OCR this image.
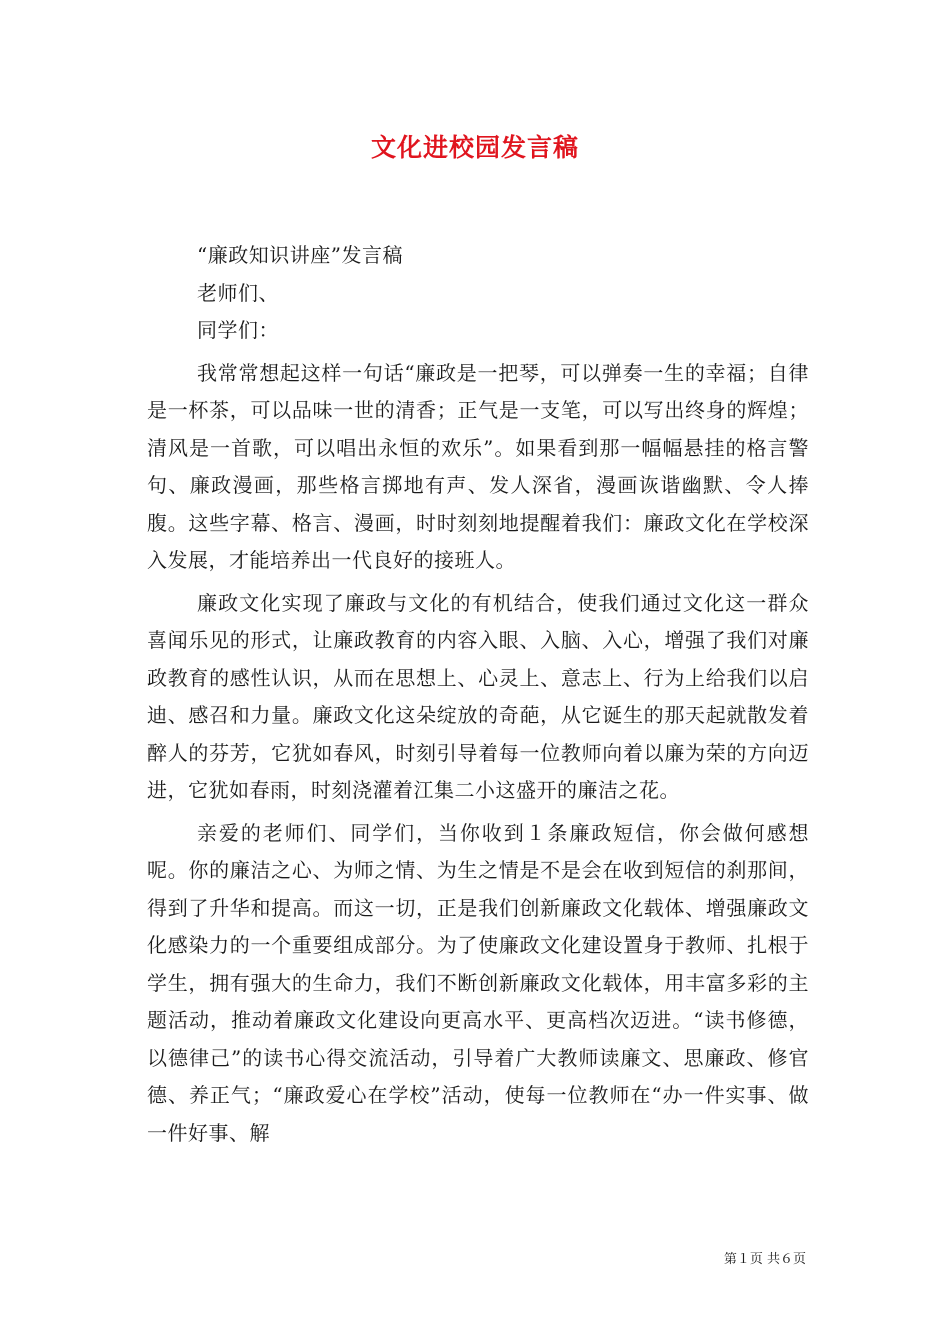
文化进校园发言稿

“廉政知识讲座”发言稿

老师们、

同学们：

我常常想起这样一句话“廉政是一把琴，可以弹奏一生的幸福；自律是一杯茶，可以品味一世的清香；正气是一支笔，可以写出终身的辉煌；清风是一首歌，可以唱出永恒的欢乐”。如果看到那一幅幅悬挂的格言警句、廉政漫画，那些格言掷地有声、发人深省，漫画诙谐幽默、令人捧腹。这些字幕、格言、漫画，时时刻刻地提醒着我们：廉政文化在学校深入发展，才能培养出一代良好的接班人。

廉政文化实现了廉政与文化的有机结合，使我们通过文化这一群众喜闻乐见的形式，让廉政教育的内容入眼、入脑、入心，增强了我们对廉政教育的感性认识，从而在思想上、心灵上、意志上、行为上给我们以启迪、感召和力量。廉政文化这朵绽放的奇葩，从它诞生的那天起就散发着醉人的芬芳，它犹如春风，时刻引导着每一位教师向着以廉为荣的方向迈进，它犹如春雨，时刻浇灌着江集二小这盛开的廉洁之花。

亲爱的老师们、同学们，当你收到１条廉政短信，你会做何感想呢。你的廉洁之心、为师之情、为生之情是不是会在收到短信的刹那间，得到了升华和提高。而这一切，正是我们创新廉政文化载体、增强廉政文化感染力的一个重要组成部分。为了使廉政文化建设置身于教师、扎根于学生，拥有强大的生命力，我们不断创新廉政文化载体，用丰富多彩的主题活动，推动着廉政文化建设向更高水平、更高档次迈进。“读书修德，以德律己”的读书心得交流活动，引导着广大教师读廉文、思廉政、修官德、养正气；“廉政爱心在学校”活动，使每一位教师在“办一件实事、做一件好事、解

第１页 共６页
